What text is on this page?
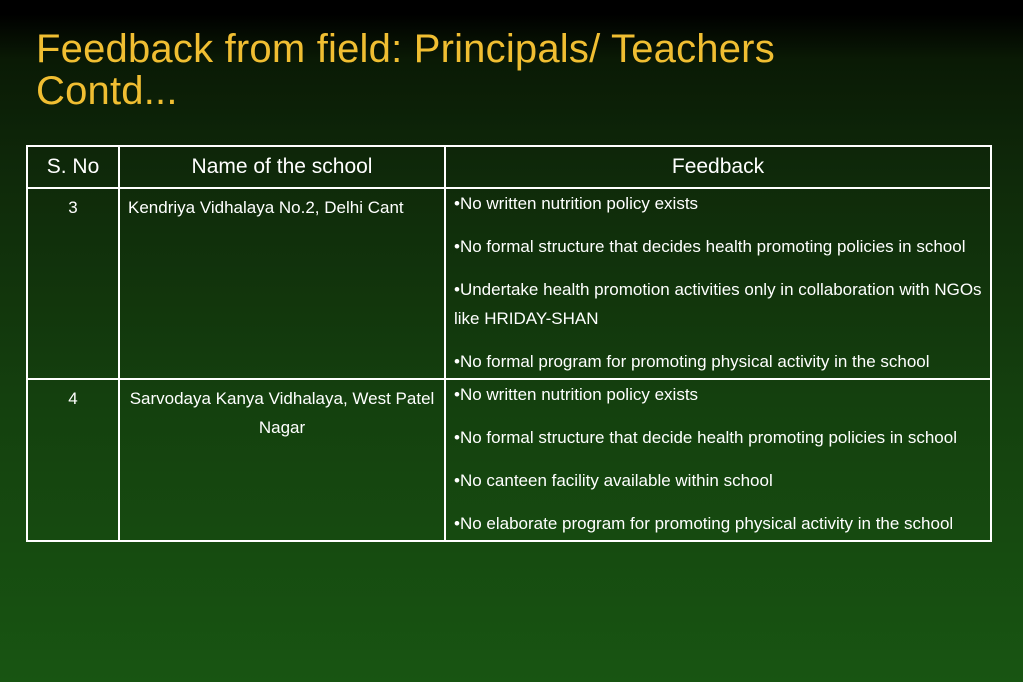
Feedback from field: Principals/ Teachers
Contd...
S. No	Name of the school	Feedback
3	Kendriya Vidhalaya No.2, Delhi Cant	•No written nutrition policy exists
•No formal structure that decides health promoting policies in school
•Undertake health promotion activities only in collaboration with NGOs like HRIDAY-SHAN
•No formal program for promoting physical activity in the school

4	Sarvodaya Kanya Vidhalaya, West Patel Nagar	•No written nutrition policy exists
•No formal structure that decide health promoting policies in school
•No canteen facility available within school
•No elaborate program for promoting physical activity in the school
